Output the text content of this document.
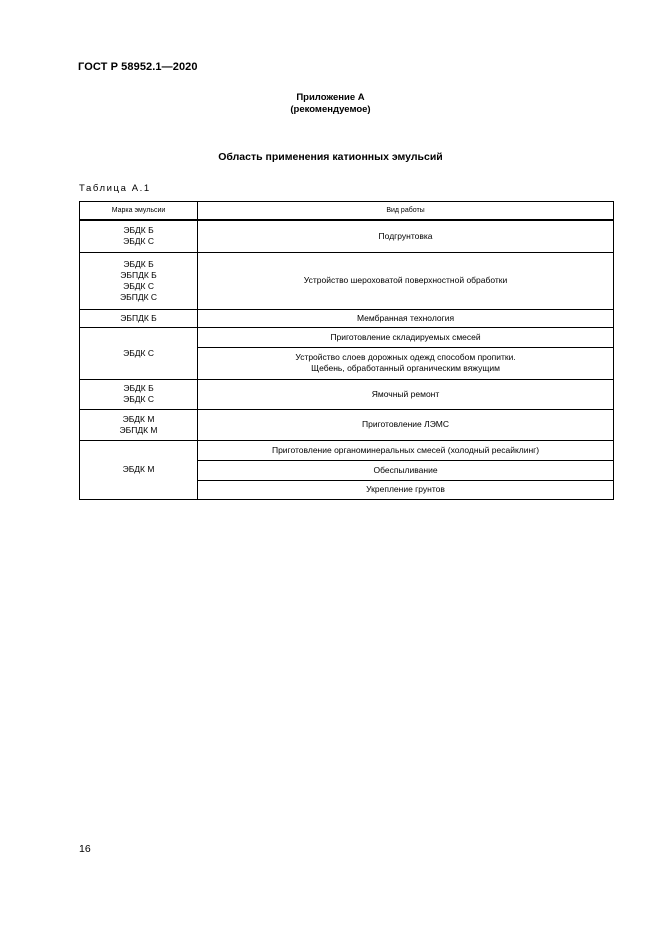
ГОСТ Р 58952.1—2020
Приложение А
(рекомендуемое)
Область применения катионных эмульсий
Таблица А.1
Марка эмульсии	Вид работы

ЭБДК Б
ЭБДК С	Подгрунтовка

ЭБДК Б
ЭБПДК Б
ЭБДК С
ЭБПДК С	Устройство шероховатой поверхностной обработки
ЭБПДК Б	Мембранная технология
ЭБДК С	Приготовление складируемых смесей

	Устройство слоев дорожных одежд способом пропитки.
Щебень, обработанный органическим вяжущим

ЭБДК Б
ЭБДК С	Ямочный ремонт

ЭБДК М
ЭБПДК М	Приготовление ЛЭМС
ЭБДК М	Приготовление органоминеральных смесей (холодный ресайклинг)
	Обеспыливание
	Укрепление грунтов
16
